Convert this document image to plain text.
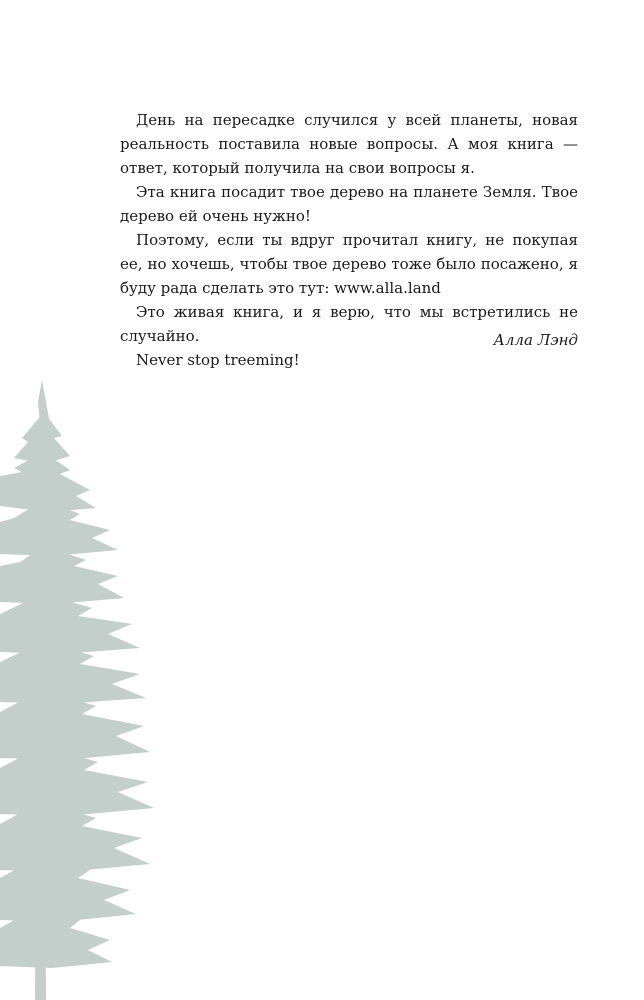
День на пересадке случился у всей планеты, новая реальность поставила новые вопросы. А моя книга — ответ, который получила на свои вопросы я.

Эта книга посадит твое дерево на планете Земля. Твое дерево ей очень нужно!

Поэтому, если ты вдруг прочитал книгу, не покупая ее, но хочешь, чтобы твое дерево тоже было посажено, я буду рада сделать это тут: www.alla.land

Это живая книга, и я верю, что мы встретились не случайно.

Never stop treeming!

Алла Лэнд
